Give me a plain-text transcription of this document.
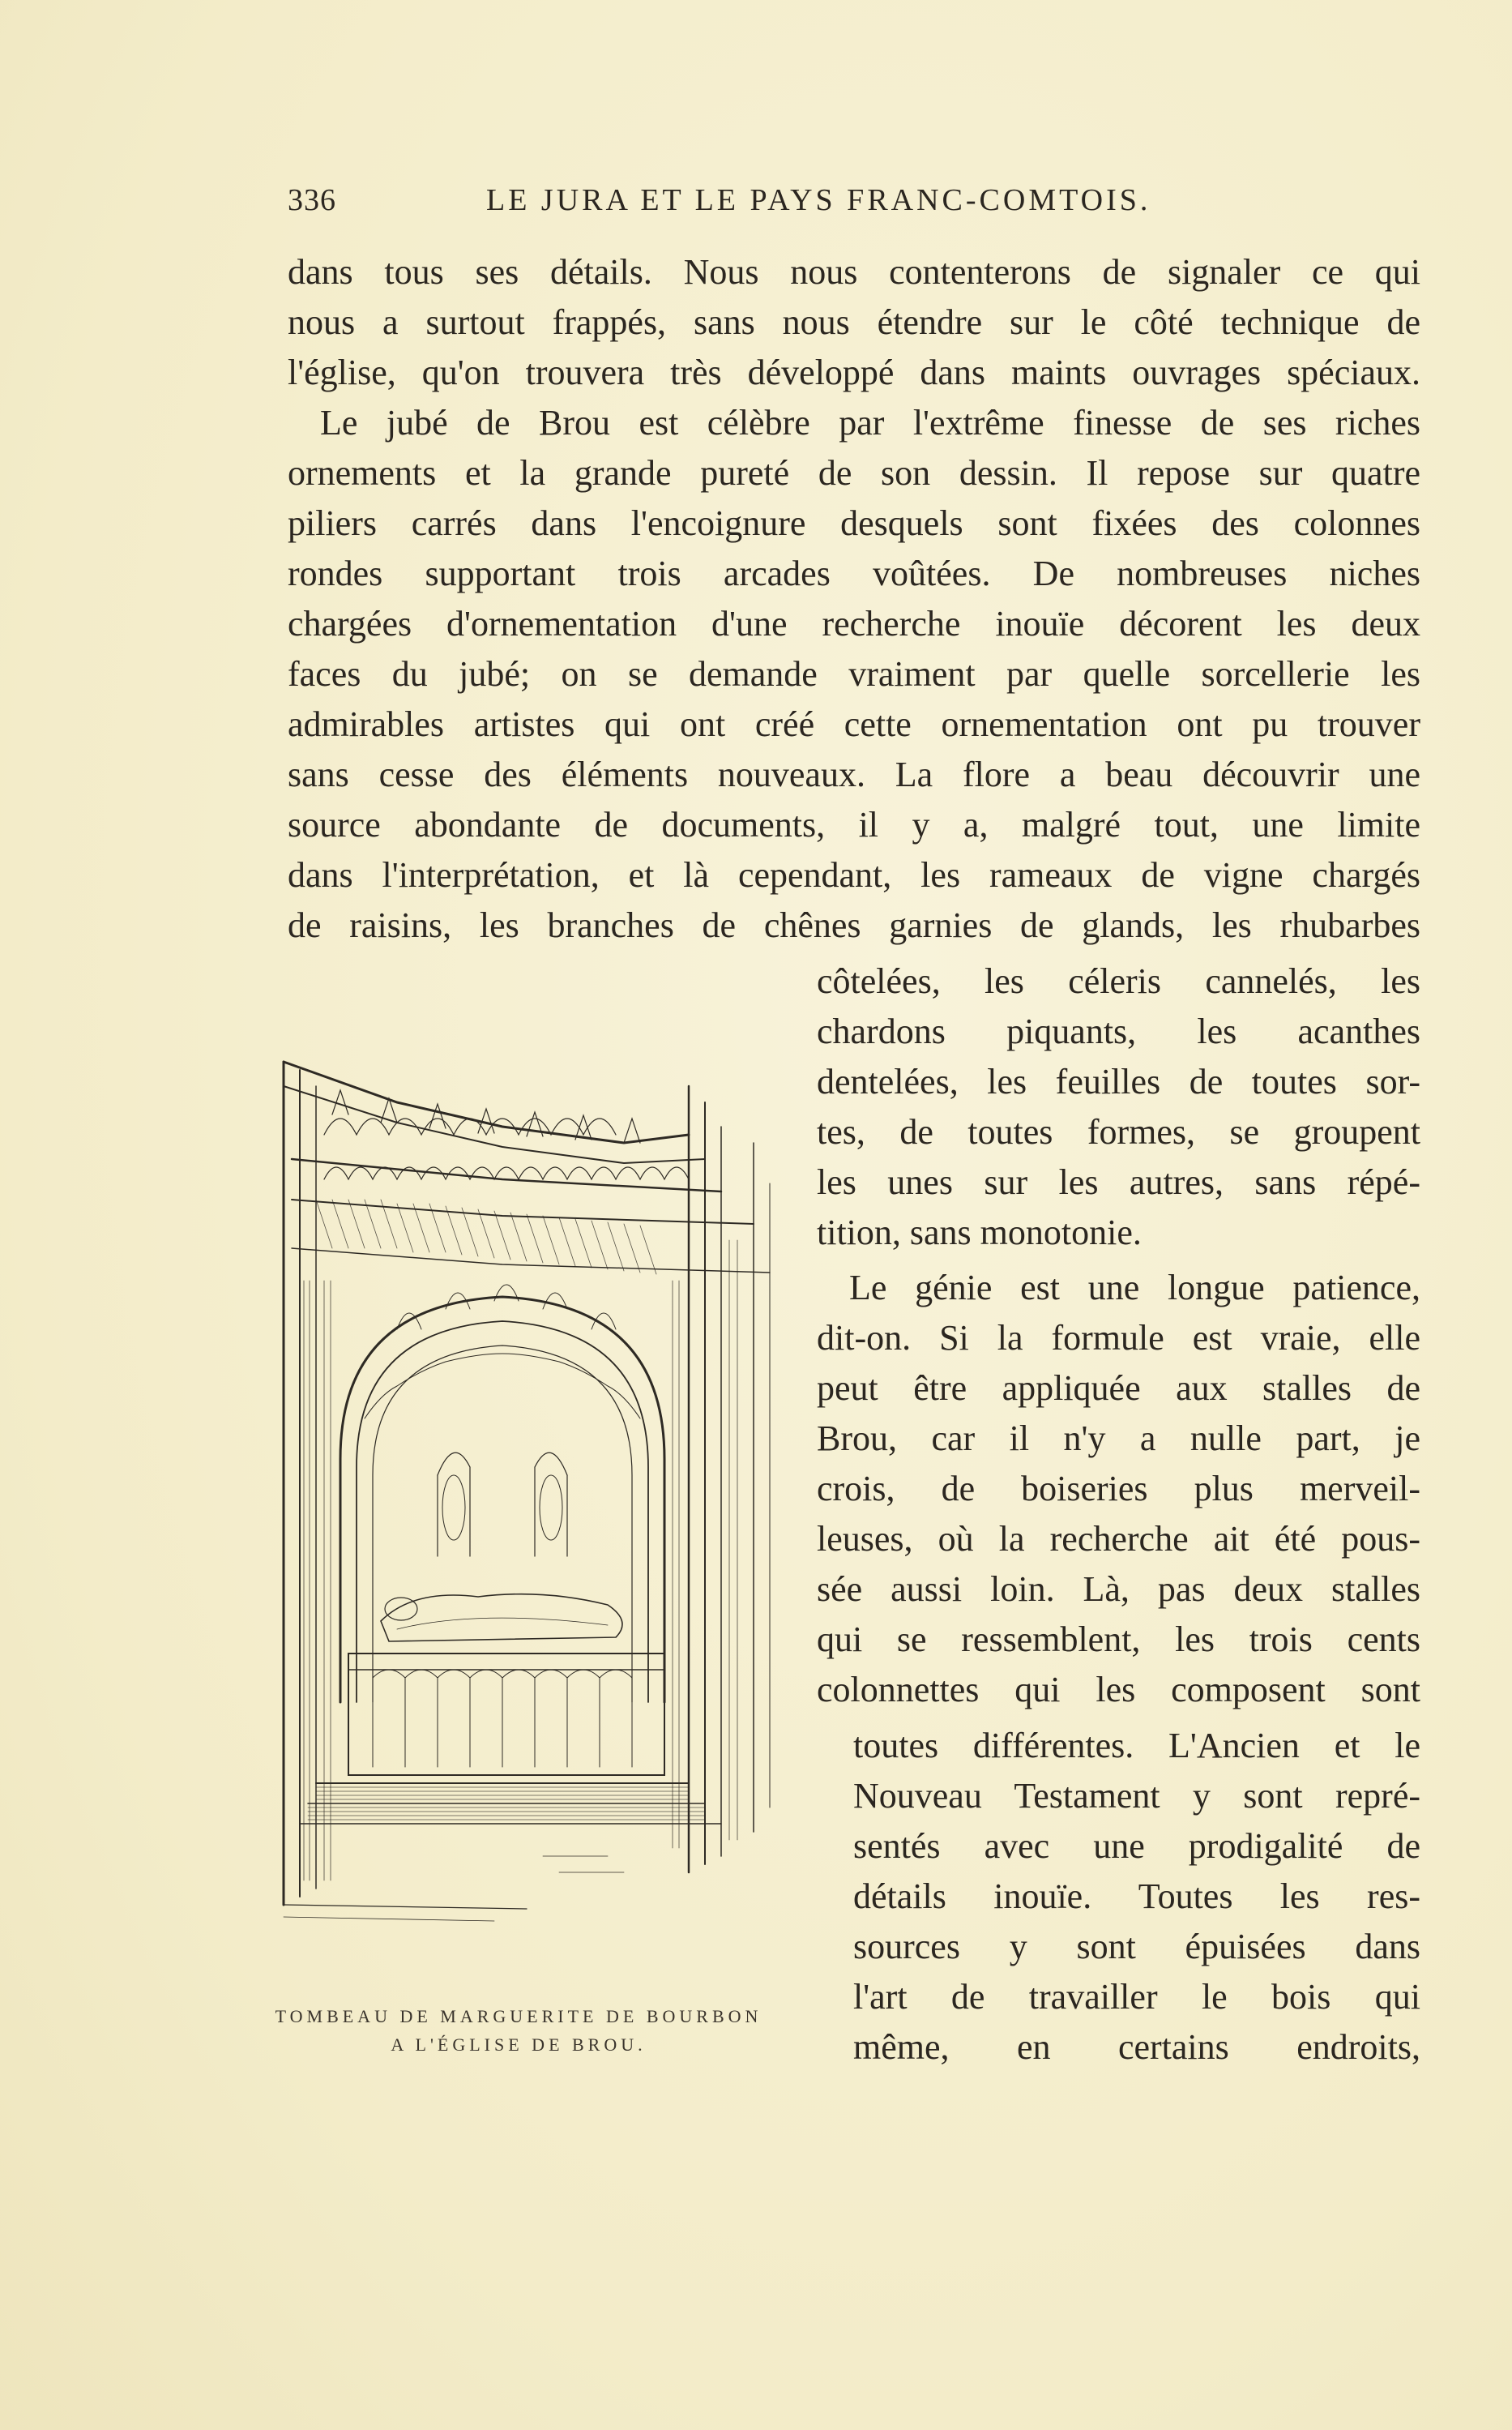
336	LE JURA ET LE PAYS FRANC-COMTOIS.
dans tous ses détails. Nous nous contenterons de signaler ce qui
nous a surtout frappés, sans nous étendre sur le côté technique de
l'église, qu'on trouvera très développé dans maints ouvrages spéciaux.
Le jubé de Brou est célèbre par l'extrême finesse de ses riches
ornements et la grande pureté de son dessin. Il repose sur quatre
piliers carrés dans l'encoignure desquels sont fixées des colonnes
rondes supportant trois arcades voûtées. De nombreuses niches
chargées d'ornementation d'une recherche inouïe décorent les deux
faces du jubé; on se demande vraiment par quelle sorcellerie les
admirables artistes qui ont créé cette ornementation ont pu trouver
sans cesse des éléments nouveaux. La flore a beau découvrir une
source abondante de documents, il y a, malgré tout, une limite
dans l'interprétation, et là cependant, les rameaux de vigne chargés
de raisins, les branches de chênes garnies de glands, les rhubarbes
côtelées, les céleris cannelés, les
chardons piquants, les acanthes
dentelées, les feuilles de toutes sor-
tes, de toutes formes, se groupent
les unes sur les autres, sans répé-
tition, sans monotonie.
Le génie est une longue patience,
dit-on. Si la formule est vraie, elle
peut être appliquée aux stalles de
Brou, car il n'y a nulle part, je
crois, de boiseries plus merveil-
leuses, où la recherche ait été pous-
sée aussi loin. Là, pas deux stalles
qui se ressemblent, les trois cents
colonnettes qui les composent sont
toutes différentes. L'Ancien et le
Nouveau Testament y sont repré-
sentés avec une prodigalité de
détails inouïe. Toutes les res-
sources y sont épuisées dans
l'art de travailler le bois qui
même, en certains endroits,
TOMBEAU DE MARGUERITE DE BOURBON
A L'ÉGLISE DE BROU.
